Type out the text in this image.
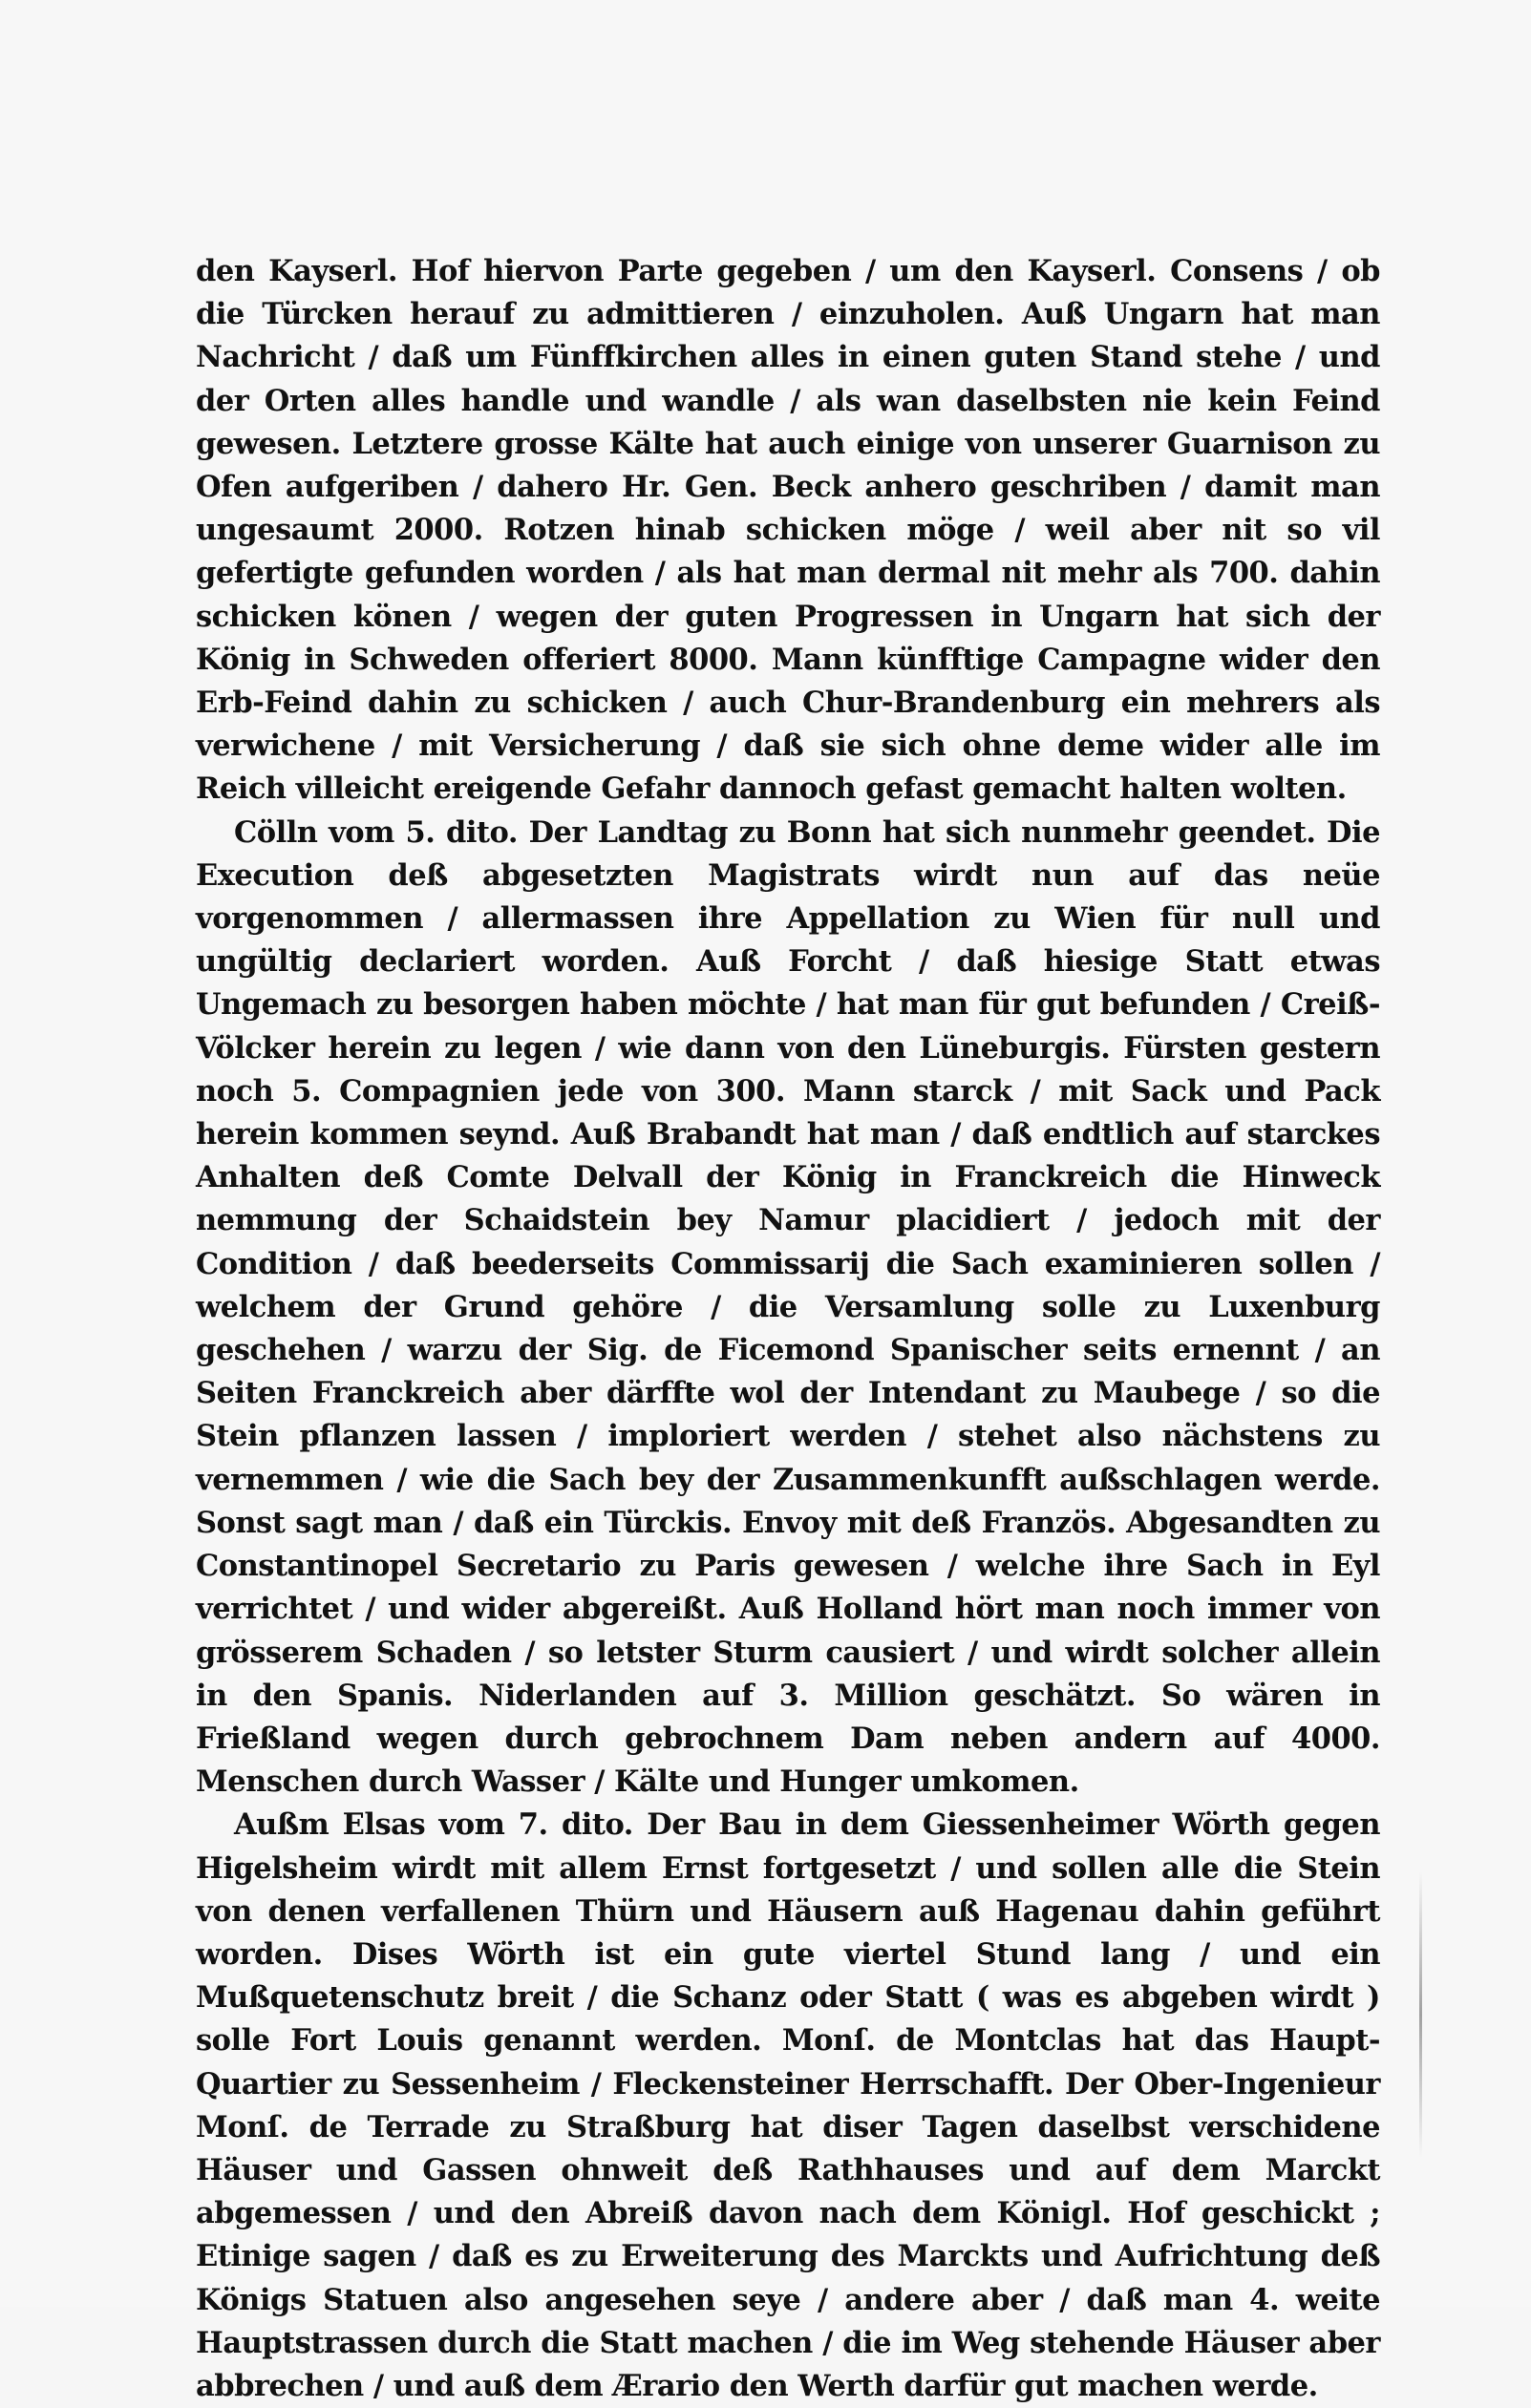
den Kayserl. Hof hiervon Parte gegeben / um den Kayserl. Consens / ob die Türcken herauf zu admittieren / einzuholen. Auß Ungarn hat man Nachricht / daß um Fünffkirchen alles in einen guten Stand stehe / und der Orten alles handle und wandle / als wan daselbsten nie kein Feind gewesen. Letztere grosse Kälte hat auch einige von unserer Guarnison zu Ofen aufgeriben / dahero Hr. Gen. Beck anhero geschriben / damit man ungesaumt 2000. Rotzen hinab schicken möge / weil aber nit so vil gefertigte gefunden worden / als hat man dermal nit mehr als 700. dahin schicken könen / wegen der guten Progressen in Ungarn hat sich der König in Schweden offeriert 8000. Mann künfftige Campagne wider den Erb-Feind dahin zu schicken / auch Chur-Brandenburg ein mehrers als verwichene / mit Versicherung / daß sie sich ohne deme wider alle im Reich villeicht ereigende Gefahr dannoch gefast gemacht halten wolten.

Cölln vom 5. dito. Der Landtag zu Bonn hat sich nunmehr geendet. Die Execution deß abgesetzten Magistrats wirdt nun auf das neüe vorgenommen / allermassen ihre Appellation zu Wien für null und ungültig declariert worden. Auß Forcht / daß hiesige Statt etwas Ungemach zu besorgen haben möchte / hat man für gut befunden / Creiß-Völcker herein zu legen / wie dann von den Lüneburgis. Fürsten gestern noch 5. Compagnien jede von 300. Mann starck / mit Sack und Pack herein kommen seynd. Auß Brabandt hat man / daß endtlich auf starckes Anhalten deß Comte Delvall der König in Franckreich die Hinweck nemmung der Schaidstein bey Namur placidiert / jedoch mit der Condition / daß beederseits Commissarij die Sach examinieren sollen / welchem der Grund gehöre / die Versamlung solle zu Luxenburg geschehen / warzu der Sig. de Ficemond Spanischer seits ernennt / an Seiten Franckreich aber därffte wol der Intendant zu Maubege / so die Stein pflanzen lassen / imploriert werden / stehet also nächstens zu vernemmen / wie die Sach bey der Zusammenkunfft außschlagen werde. Sonst sagt man / daß ein Türckis. Envoy mit deß Französ. Abgesandten zu Constantinopel Secretario zu Paris gewesen / welche ihre Sach in Eyl verrichtet / und wider abgereißt. Auß Holland hört man noch immer von grösserem Schaden / so letster Sturm causiert / und wirdt solcher allein in den Spanis. Niderlanden auf 3. Million geschätzt. So wären in Frießland wegen durch gebrochnem Dam neben andern auf 4000. Menschen durch Wasser / Kälte und Hunger umkomen.

Außm Elsas vom 7. dito. Der Bau in dem Giessenheimer Wörth gegen Higelsheim wirdt mit allem Ernst fortgesetzt / und sollen alle die Stein von denen verfallenen Thürn und Häusern auß Hagenau dahin geführt worden. Dises Wörth ist ein gute viertel Stund lang / und ein Mußquetenschutz breit / die Schanz oder Statt ( was es abgeben wirdt ) solle Fort Louis genannt werden. Monſ. de Montclas hat das Haupt-Quartier zu Sessenheim / Fleckensteiner Herrschafft. Der Ober-Ingenieur Monſ. de Terrade zu Straßburg hat diser Tagen daselbst verschidene Häuser und Gassen ohnweit deß Rathhauses und auf dem Marckt abgemessen / und den Abreiß davon nach dem Königl. Hof geschickt ; Etinige sagen / daß es zu Erweiterung des Marckts und Aufrichtung deß Königs Statuen also angesehen seye / andere aber / daß man 4. weite Hauptstrassen durch die Statt machen / die im Weg stehende Häuser aber abbrechen / und auß dem Ærario den Werth darfür gut machen werde.
